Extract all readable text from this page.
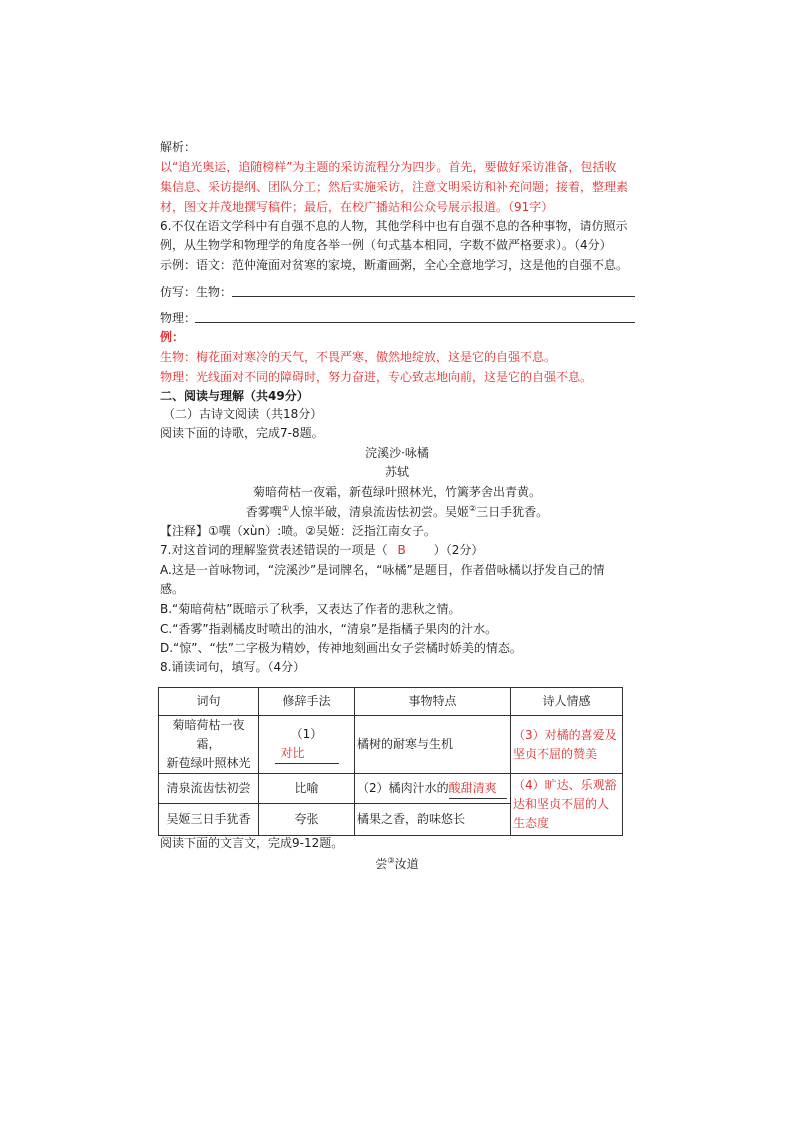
解析：
以“追光奥运，追随榜样”为主题的采访流程分为四步。首先，要做好采访准备，包括收
集信息、采访提纲、团队分工；然后实施采访，注意文明采访和补充问题；接着，整理素
材，图文并茂地撰写稿件；最后，在校广播站和公众号展示报道。（91字）
6.不仅在语文学科中有自强不息的人物，其他学科中也有自强不息的各种事物，请仿照示
例，从生物学和物理学的角度各举一例（句式基本相同，字数不做严格要求）。（4分）
示例：语文：范仲淹面对贫寒的家境，断齑画粥，全心全意地学习，这是他的自强不息。
仿写：生物：
物理：
例：
生物：梅花面对寒冷的天气，不畏严寒，傲然地绽放，这是它的自强不息。
物理：光线面对不同的障碍时，努力奋进，专心致志地向前，这是它的自强不息。
二、阅读与理解（共49分）
（二）古诗文阅读（共18分）
阅读下面的诗歌，完成7-8题。
浣溪沙·咏橘
苏轼
菊暗荷枯一夜霜，新苞绿叶照林光，竹篱茅舍出青黄。
香雾噀①人惊半破，清泉流齿怯初尝。吴姬②三日手犹香。
【注释】①噀（xùn）:喷。②吴姬：泛指江南女子。
7.对这首词的理解鉴赏表述错误的一项是（ B ）（2分）
A.这是一首咏物词，“浣溪沙”是词牌名，“咏橘”是题目，作者借咏橘以抒发自己的情
感。
B.“菊暗荷枯”既暗示了秋季，又表达了作者的悲秋之情。
C.“香雾”指剥橘皮时喷出的油水，“清泉”是指橘子果肉的汁水。
D.“惊”、“怯”二字极为精妙，传神地刻画出女子尝橘时娇美的情态。
8.诵读词句，填写。（4分）
词句	修辞手法	事物特点	诗人情感

菊暗荷枯一夜霜，
新苞绿叶照林光	（1）对比	橘树的耐寒与生机	（3）对橘的喜爱及坚贞不屈的赞美
清泉流齿怯初尝	比喻	（2）橘肉汁水的酸甜清爽	（4）旷达、乐观豁达和坚贞不屈的人生态度
吴姬三日手犹香	夸张	橘果之香，韵味悠长	
阅读下面的文言文，完成9-12题。
尝③汝道
